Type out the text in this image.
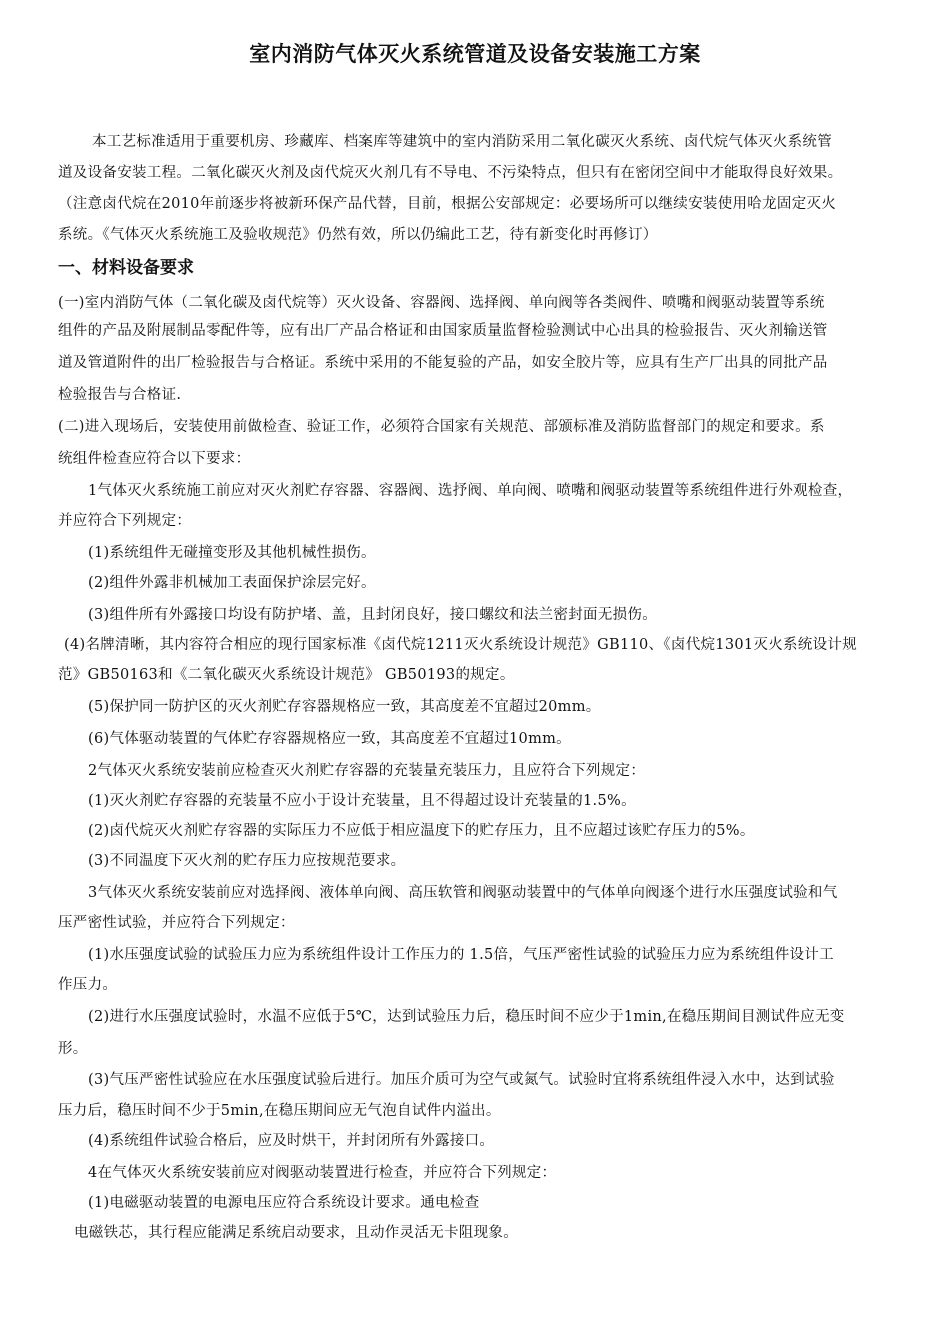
室内消防气体灭火系统管道及设备安装施工方案
本工艺标准适用于重要机房、珍藏库、档案库等建筑中的室内消防采用二氧化碳灭火系统、卤代烷气体灭火系统管
道及设备安装工程。二氧化碳灭火剂及卤代烷灭火剂几有不导电、不污染特点，但只有在密闭空间中才能取得良好效果。
（注意卤代烷在2010年前逐步将被新环保产品代替，目前，根据公安部规定：必要场所可以继续安装使用哈龙固定灭火
系统。《气体灭火系统施工及验收规范》仍然有效，所以仍编此工艺，待有新变化时再修订）
一、材料设备要求
(一)室内消防气体（二氧化碳及卤代烷等）灭火设备、容器阀、选择阀、单向阀等各类阀件、喷嘴和阀驱动装置等系统
组件的产品及附展制品零配件等，应有出厂产品合格证和由国家质量监督检验测试中心出具的检验报告、灭火剂输送管
道及管道附件的出厂检验报告与合格证。系统中采用的不能复验的产品，如安全胶片等，应具有生产厂出具的同批产品
检验报告与合格证.
(二)进入现场后，安装使用前做检查、验证工作，必须符合国家有关规范、部颁标准及消防监督部门的规定和要求。系
统组件检查应符合以下要求：
1气体灭火系统施工前应对灭火剂贮存容器、容器阀、选抒阀、单向阀、喷嘴和阀驱动装置等系统组件进行外观检查，
并应符合下列规定：
(1)系统组件无碰撞变形及其他机械性损伤。
(2)组件外露非机械加工表面保护涂层完好。
(3)组件所有外露接口均设有防护堵、盖，且封闭良好，接口螺纹和法兰密封面无损伤。
(4)名牌清晰，其内容符合相应的现行国家标准《卤代烷1211灭火系统设计规范》GB110、《卤代烷1301灭火系统设计规
范》GB50163和《二氧化碳灭火系统设计规范》 GB50193的规定。
(5)保护同一防护区的灭火剂贮存容器规格应一致，其高度差不宜超过20mm。
(6)气体驱动装置的气体贮存容器规格应一致，其高度差不宜超过10mm。
2气体灭火系统安装前应检查灭火剂贮存容器的充装量充装压力，且应符合下列规定：
(1)灭火剂贮存容器的充装量不应小于设计充装量，且不得超过设计充装量的1.5%。
(2)卤代烷灭火剂贮存容器的实际压力不应低于相应温度下的贮存压力，且不应超过该贮存压力的5%。
(3)不同温度下灭火剂的贮存压力应按规范要求。
3气体灭火系统安装前应对选择阀、液体单向阀、高压软管和阀驱动装置中的气体单向阀逐个进行水压强度试验和气
压严密性试验，并应符合下列规定：
(1)水压强度试验的试验压力应为系统组件设计工作压力的 1.5倍，气压严密性试验的试验压力应为系统组件设计工
作压力。
(2)进行水压强度试验时，水温不应低于5℃，达到试验压力后，稳压时间不应少于1min,在稳压期间目测试件应无变
形。
(3)气压严密性试验应在水压强度试验后进行。加压介质可为空气或氮气。试验时宜将系统组件浸入水中，达到试验
压力后，稳压时间不少于5min,在稳压期间应无气泡自试件内溢出。
(4)系统组件试验合格后，应及时烘干，并封闭所有外露接口。
4在气体灭火系统安装前应对阀驱动装置进行检查，并应符合下列规定：
(1)电磁驱动装置的电源电压应符合系统设计要求。通电检查
电磁铁芯，其行程应能满足系统启动要求，且动作灵活无卡阻现象。
